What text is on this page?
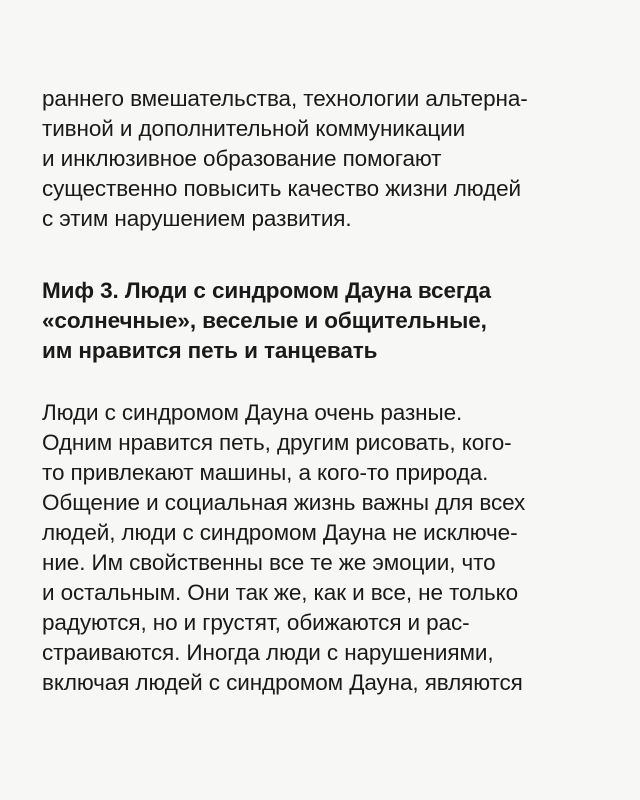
раннего вмешательства, технологии альтерна-
тивной и дополнительной коммуникации
и инклюзивное образование помогают
существенно повысить качество жизни людей
с этим нарушением развития.
Миф 3. Люди с синдромом Дауна всегда
«солнечные», веселые и общительные,
им нравится петь и танцевать
Люди с синдромом Дауна очень разные.
Одним нравится петь, другим рисовать, кого-
то привлекают машины, а кого-то природа.
Общение и социальная жизнь важны для всех
людей, люди с синдромом Дауна не исключе-
ние. Им свойственны все те же эмоции, что
и остальным. Они так же, как и все, не только
радуются, но и грустят, обижаются и рас-
страиваются. Иногда люди с нарушениями,
включая людей с синдромом Дауна, являются
